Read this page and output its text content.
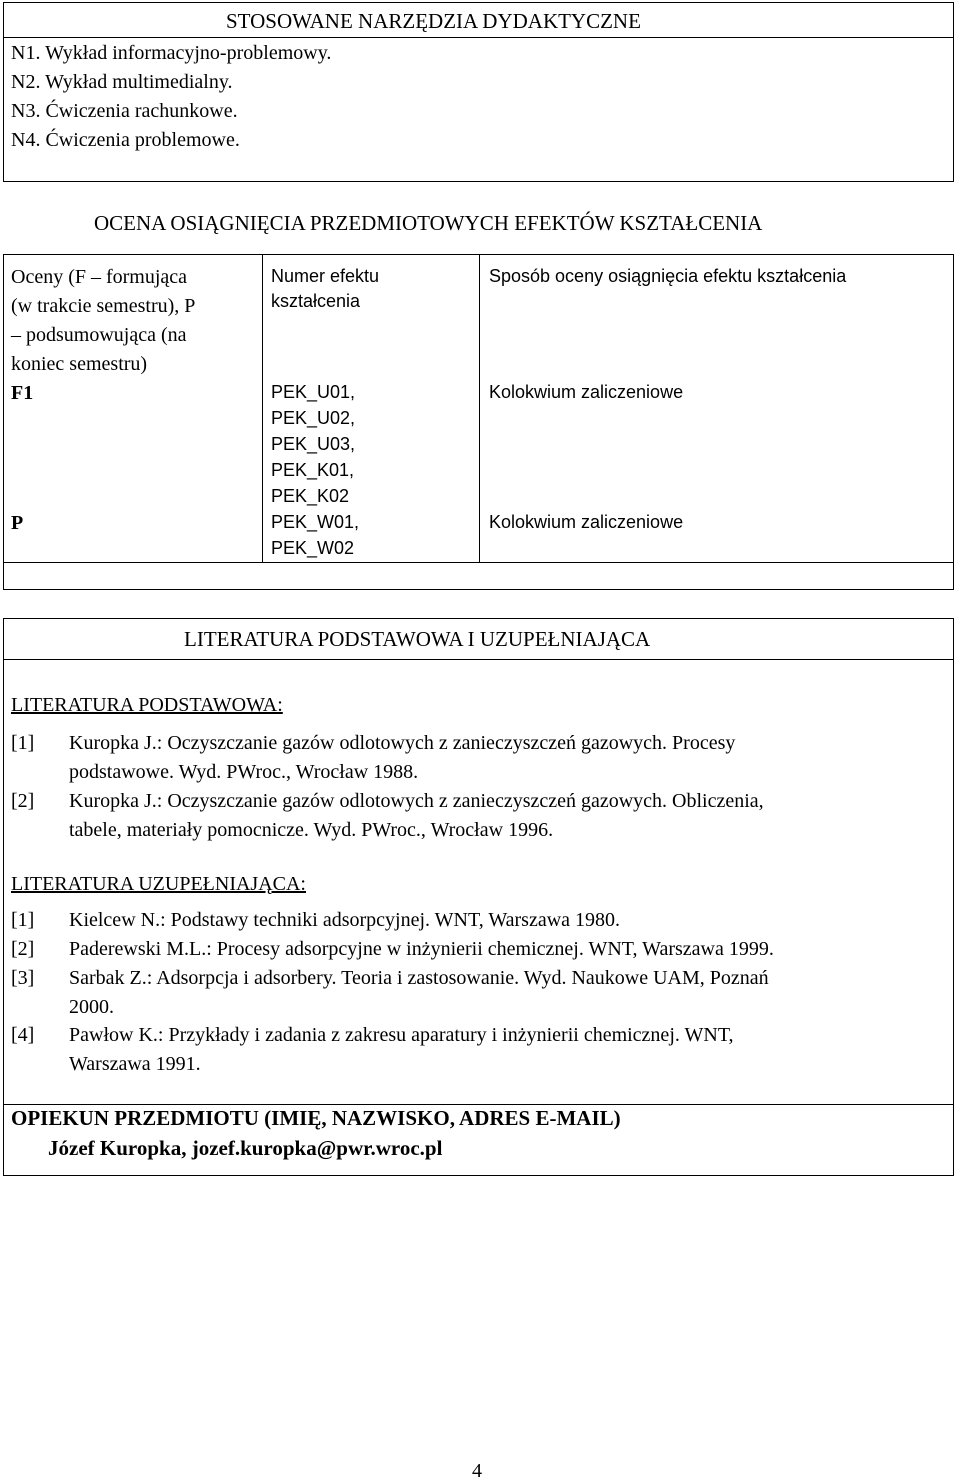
STOSOWANE NARZĘDZIA DYDAKTYCZNE
N1. Wykład informacyjno-problemowy.
N2. Wykład multimedialny.
N3. Ćwiczenia rachunkowe.
N4. Ćwiczenia problemowe.
OCENA OSIĄGNIĘCIA PRZEDMIOTOWYCH EFEKTÓW KSZTAŁCENIA
Oceny (F – formująca
(w trakcie semestru), P
– podsumowująca (na
koniec semestru)
Numer efektu
kształcenia
Sposób oceny osiągnięcia efektu kształcenia
F1	PEK_U01,
PEK_U02,
PEK_U03,
PEK_K01,
PEK_K02
Kolokwium zaliczeniowe
P	PEK_W01,
PEK_W02
Kolokwium zaliczeniowe
LITERATURA PODSTAWOWA I UZUPEŁNIAJĄCA
LITERATURA PODSTAWOWA:
[1] Kuropka J.: Oczyszczanie gazów odlotowych z zanieczyszczeń gazowych. Procesy
podstawowe. Wyd. PWroc., Wrocław 1988.
[2] Kuropka J.: Oczyszczanie gazów odlotowych z zanieczyszczeń gazowych. Obliczenia,
tabele, materiały pomocnicze. Wyd. PWroc., Wrocław 1996.
LITERATURA UZUPEŁNIAJĄCA:
[1] Kielcew N.: Podstawy techniki adsorpcyjnej. WNT, Warszawa 1980.
[2] Paderewski M.L.: Procesy adsorpcyjne w inżynierii chemicznej. WNT, Warszawa 1999.
[3] Sarbak Z.: Adsorpcja i adsorbery. Teoria i zastosowanie. Wyd. Naukowe UAM, Poznań
2000.
[4] Pawłow K.: Przykłady i zadania z zakresu aparatury i inżynierii chemicznej. WNT,
Warszawa 1991.
OPIEKUN PRZEDMIOTU (IMIĘ, NAZWISKO, ADRES E-MAIL)
Józef Kuropka, jozef.kuropka@pwr.wroc.pl
4
